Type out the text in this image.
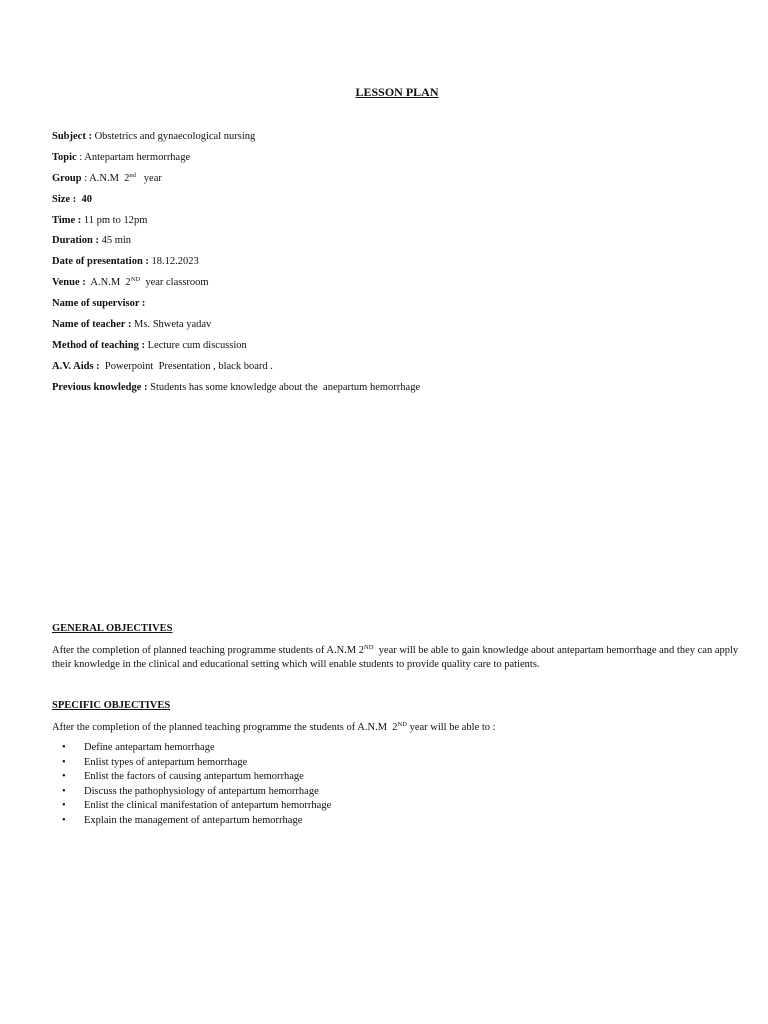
LESSON PLAN
Subject : Obstetrics and gynaecological nursing
Topic : Antepartam hermorrhage
Group : A.N.M  2nd   year
Size :  40
Time : 11 pm to 12pm
Duration : 45 min
Date of presentation : 18.12.2023
Venue :  A.N.M  2ND  year classroom
Name of supervisor :
Name of teacher : Ms. Shweta yadav
Method of teaching : Lecture cum discussion
A.V. Aids :  Powerpoint  Presentation , black board .
Previous knowledge : Students has some knowledge about the  anepartum hemorrhage
GENERAL OBJECTIVES
After the completion of planned teaching programme students of A.N.M 2ND  year will be able to gain knowledge about antepartam hemorrhage and they can apply their knowledge in the clinical and educational setting which will enable students to provide quality care to patients.
SPECIFIC OBJECTIVES
After the completion of the planned teaching programme the students of A.N.M  2ND year will be able to :
• Define antepartam hemorrhage
• Enlist types of antepartum hemorrhage
• Enlist the factors of causing antepartum hemorrhage
• Discuss the pathophysiology of antepartum hemorrhage
• Enlist the clinical manifestation of antepartum hemorrhage
• Explain the management of antepartum hemorrhage
